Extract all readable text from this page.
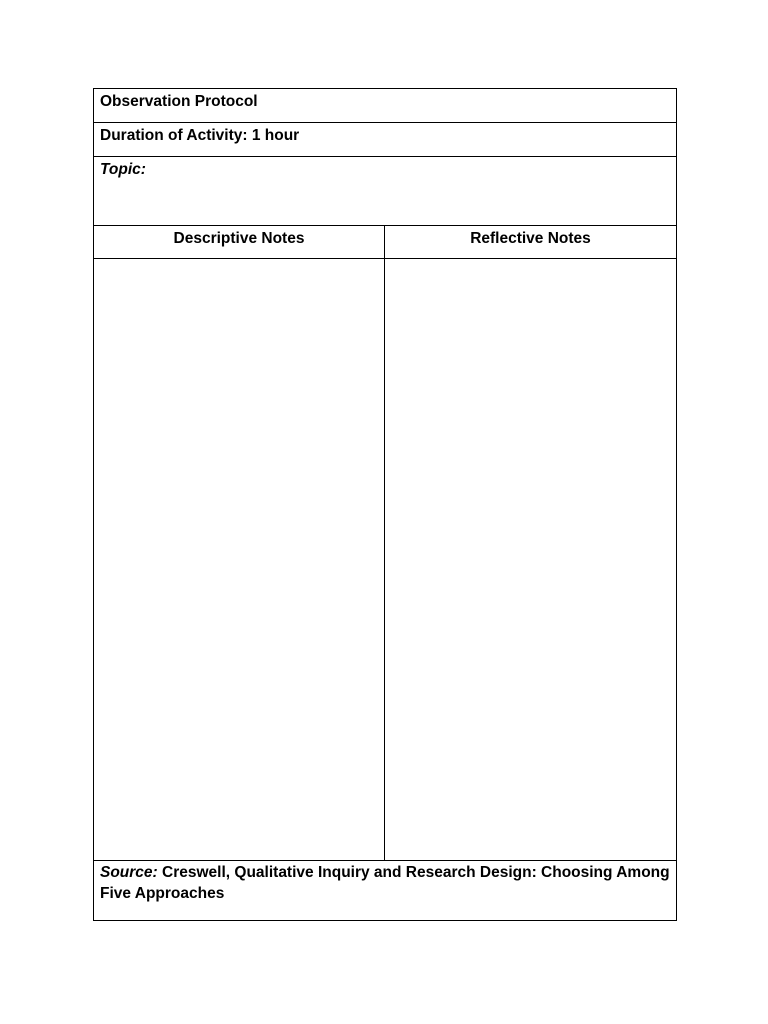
Observation Protocol	
Duration of Activity: 1 hour	
Topic:	
Descriptive Notes	Reflective Notes

Source: Creswell, Qualitative Inquiry and Research Design: Choosing Among Five Approaches	
